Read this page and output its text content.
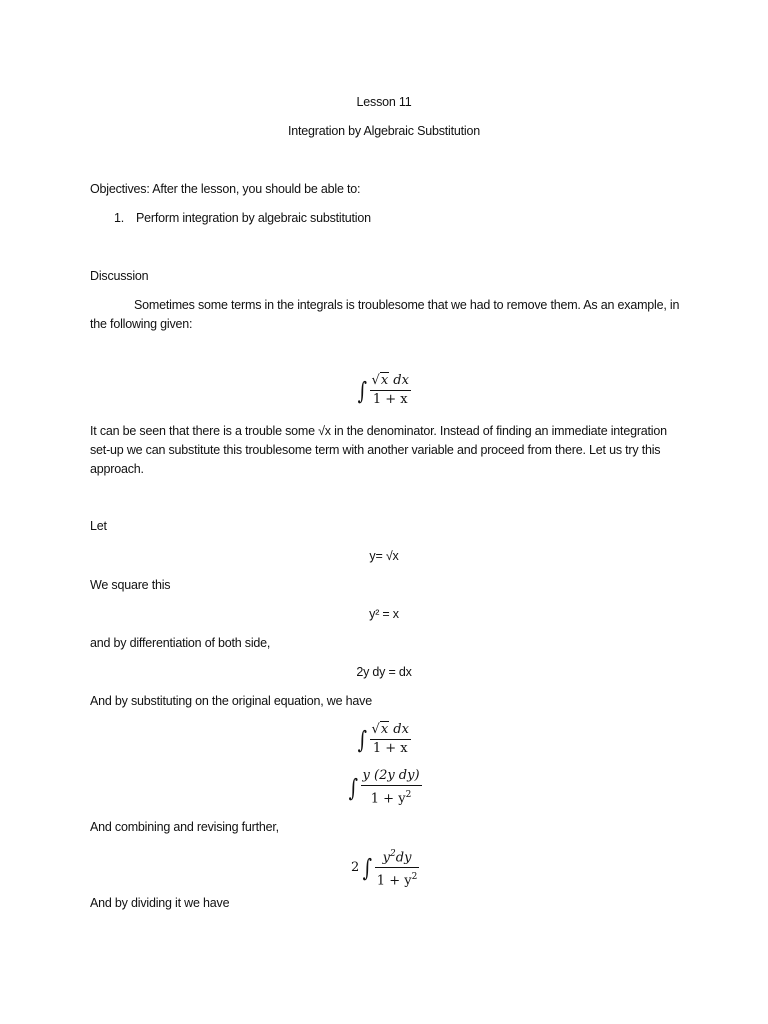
Lesson 11
Integration by Algebraic Substitution
Objectives: After the lesson, you should be able to:
1. Perform integration by algebraic substitution
Discussion
Sometimes some terms in the integrals is troublesome that we had to remove them. As an example, in the following given:
∫ $\frac{\text{√x dx}}{1 + x}$
It can be seen that there is a trouble some √x in the denominator. Instead of finding an immediate integration set-up we can substitute this troublesome term with another variable and proceed from there. Let us try this approach.
Let
y= √x
We square this
y² = x
and by differentiation of both side,
2y dy = dx
And by substituting on the original equation, we have
∫ $\frac{\text{√x dx}}{1 + x}$
∫ $\frac{\text{y (2y dy)}}{1 + y^2}$
And combining and revising further,
2 ∫ $\frac{y^2dy}{1 + y^2}$
And by dividing it we have
